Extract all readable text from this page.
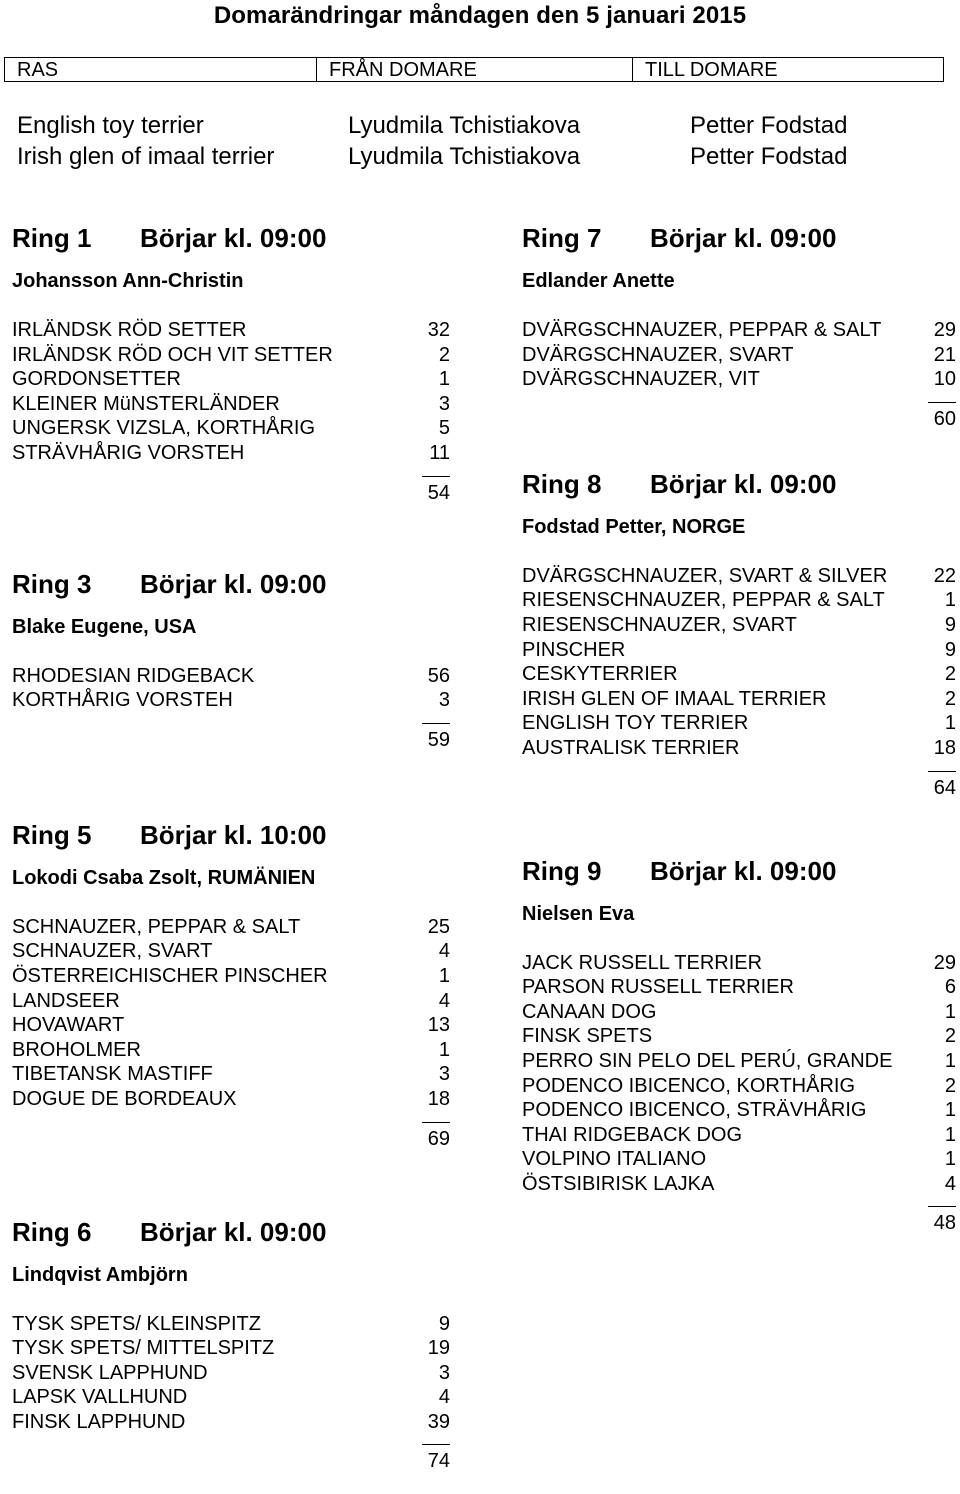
Domarändringar måndagen den 5 januari 2015
RAS	FRÅN DOMARE	TILL DOMARE
English toy terrier	Lyudmila Tchistiakova	Petter Fodstad
Irish glen of imaal terrier	Lyudmila Tchistiakova	Petter Fodstad
Ring 1 Börjar kl. 09:00
Johansson Ann-Christin
IRLÄNDSK RÖD SETTER	32
IRLÄNDSK RÖD OCH VIT SETTER	2
GORDONSETTER	1
KLEINER MüNSTERLÄNDER	3
UNGERSK VIZSLA, KORTHÅRIG	5
STRÄVHÅRIG VORSTEH	11
54
Ring 3 Börjar kl. 09:00
Blake Eugene, USA
RHODESIAN RIDGEBACK	56
KORTHÅRIG VORSTEH	3
59
Ring 5 Börjar kl. 10:00
Lokodi Csaba Zsolt, RUMÄNIEN
SCHNAUZER, PEPPAR & SALT	25
SCHNAUZER, SVART	4
ÖSTERREICHISCHER PINSCHER	1
LANDSEER	4
HOVAWART	13
BROHOLMER	1
TIBETANSK MASTIFF	3
DOGUE DE BORDEAUX	18
69
Ring 6 Börjar kl. 09:00
Lindqvist Ambjörn
TYSK SPETS/ KLEINSPITZ	9
TYSK SPETS/ MITTELSPITZ	19
SVENSK LAPPHUND	3
LAPSK VALLHUND	4
FINSK LAPPHUND	39
74
Ring 7 Börjar kl. 09:00
Edlander Anette
DVÄRGSCHNAUZER, PEPPAR & SALT	29
DVÄRGSCHNAUZER, SVART	21
DVÄRGSCHNAUZER, VIT	10
60
Ring 8 Börjar kl. 09:00
Fodstad Petter, NORGE
DVÄRGSCHNAUZER, SVART & SILVER 22
RIESENSCHNAUZER, PEPPAR & SALT	1
RIESENSCHNAUZER, SVART	9
PINSCHER	9
CESKYTERRIER	2
IRISH GLEN OF IMAAL TERRIER	2
ENGLISH TOY TERRIER	1
AUSTRALISK TERRIER	18
64
Ring 9 Börjar kl. 09:00
Nielsen Eva
JACK RUSSELL TERRIER	29
PARSON RUSSELL TERRIER	6
CANAAN DOG	1
FINSK SPETS	2
PERRO SIN PELO DEL PERÚ, GRANDE	1
PODENCO IBICENCO, KORTHÅRIG	2
PODENCO IBICENCO, STRÄVHÅRIG	1
THAI RIDGEBACK DOG	1
VOLPINO ITALIANO	1
ÖSTSIBIRISK LAJKA	4
48
